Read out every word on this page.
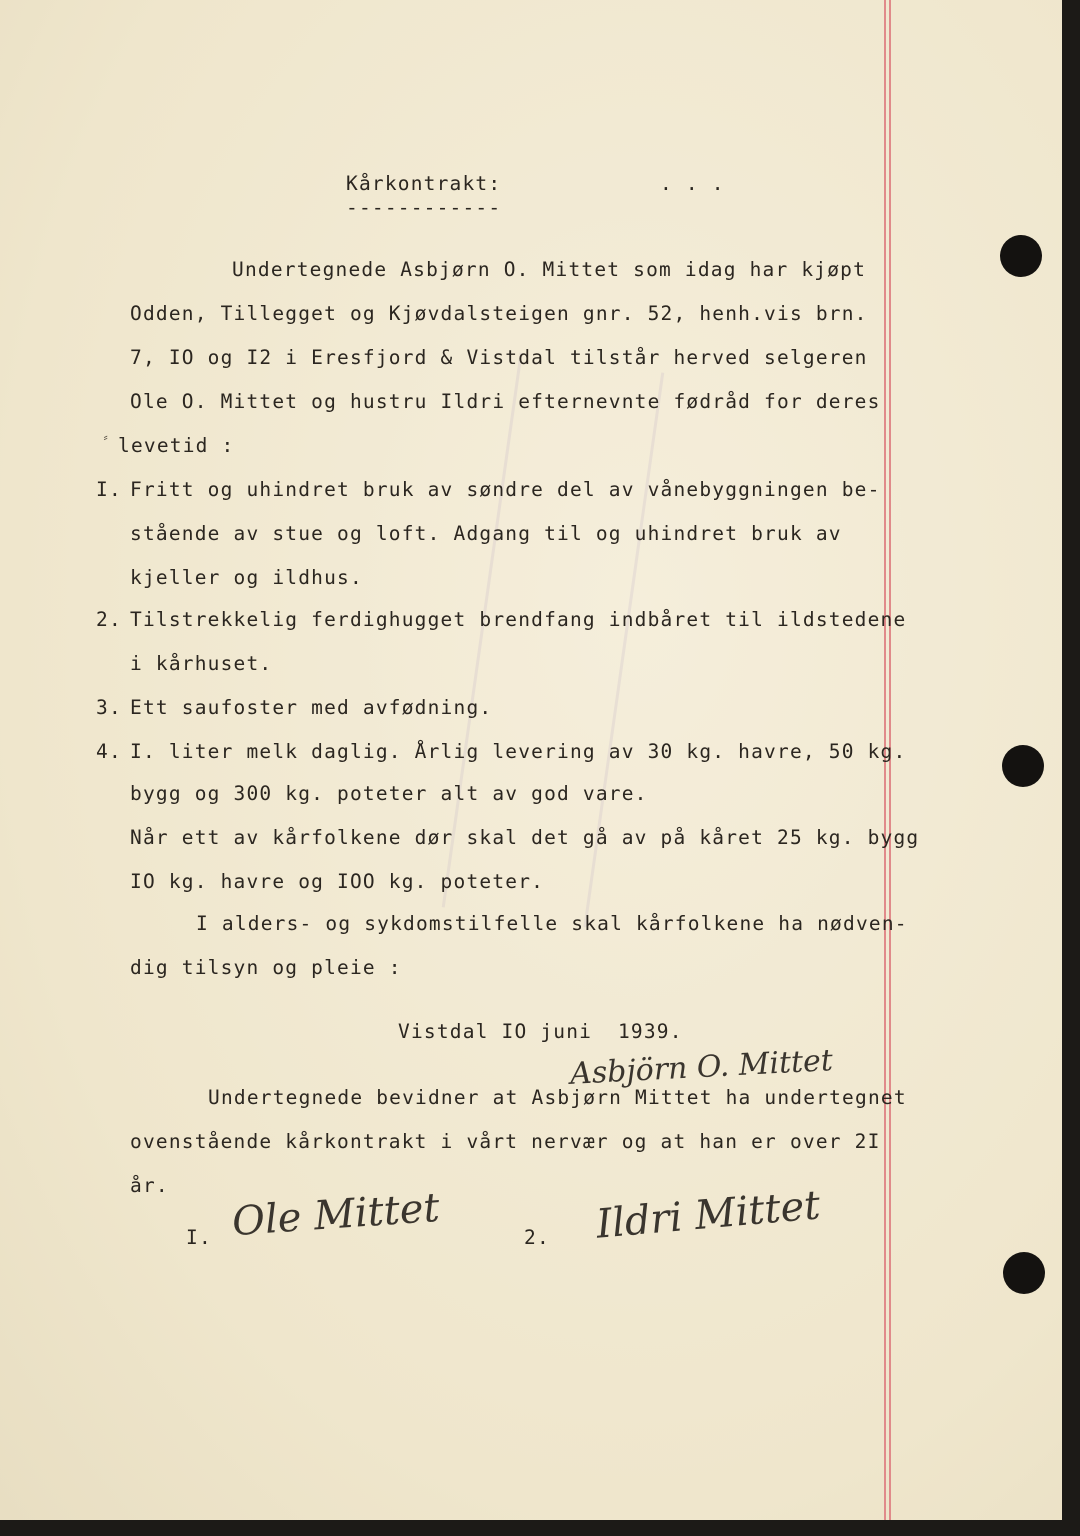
Kårkontrakt:	. . .
------------
Undertegnede Asbjørn O. Mittet som idag har kjøpt
Odden, Tillegget og Kjøvdalsteigen gnr. 52, henh.vis brn.
7, IO og I2 i Eresfjord & Vistdal tilstår herved selgeren
Ole O. Mittet og hustru Ildri efternevnte fødråd for deres
⸗ levetid :
I. Fritt og uhindret bruk av søndre del av vånebyggningen be-
stående av stue og loft. Adgang til og uhindret bruk av
kjeller og ildhus.
2. Tilstrekkelig ferdighugget brendfang indbåret til ildstedene
i kårhuset.
3. Ett saufoster med avfødning.
4. I. liter melk daglig. Årlig levering av 30 kg. havre, 50 kg.
bygg og 300 kg. poteter alt av god vare.
Når ett av kårfolkene dør skal det gå av på kåret 25 kg. bygg
IO kg. havre og IOO kg. poteter.
I alders- og sykdomstilfelle skal kårfolkene ha nødven-
dig tilsyn og pleie :
Vistdal IO juni  1939.
Asbjörn O. Mittet
Undertegnede bevidner at Asbjørn Mittet ha undertegnet
ovenstående kårkontrakt i vårt nervær og at han er over 2I
år.
I. Ole Mittet	2. Ildri Mittet
